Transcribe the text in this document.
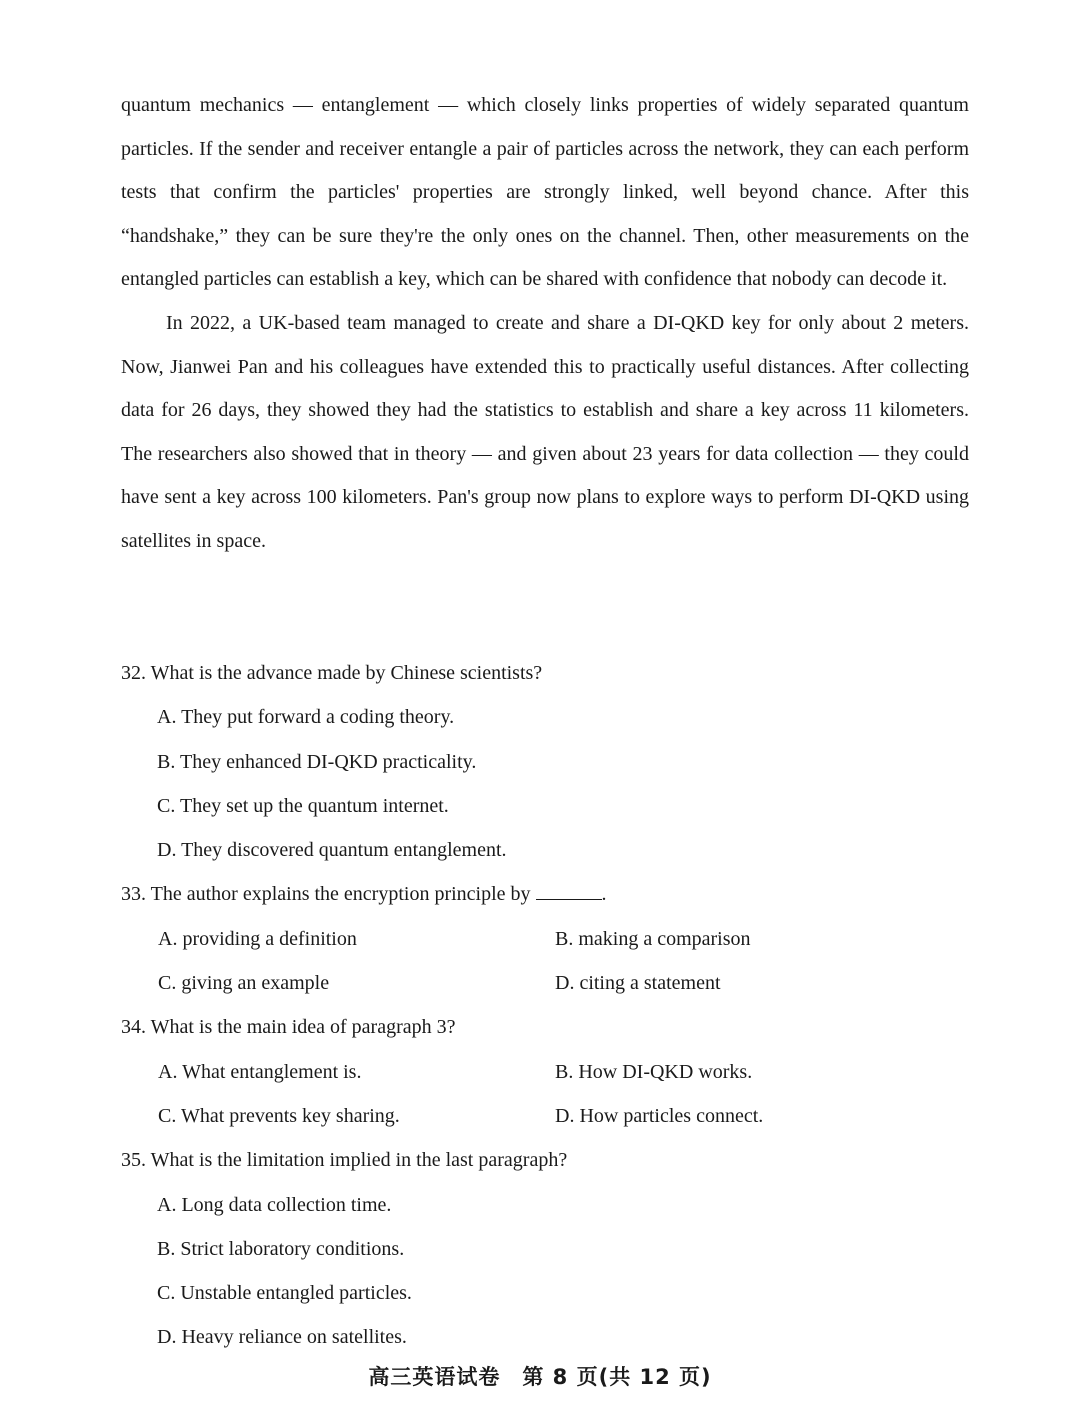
quantum mechanics — entanglement — which closely links properties of widely separated quantum particles. If the sender and receiver entangle a pair of particles across the network, they can each perform tests that confirm the particles' properties are strongly linked, well beyond chance. After this “handshake,” they can be sure they're the only ones on the channel. Then, other measurements on the entangled particles can establish a key, which can be shared with confidence that nobody can decode it.

In 2022, a UK-based team managed to create and share a DI-QKD key for only about 2 meters. Now, Jianwei Pan and his colleagues have extended this to practically useful distances. After collecting data for 26 days, they showed they had the statistics to establish and share a key across 11 kilometers. The researchers also showed that in theory — and given about 23 years for data collection — they could have sent a key across 100 kilometers. Pan's group now plans to explore ways to perform DI-QKD using satellites in space.

32. What is the advance made by Chinese scientists?

A. They put forward a coding theory.

B. They enhanced DI-QKD practicality.

C. They set up the quantum internet.

D. They discovered quantum entanglement.

33. The author explains the encryption principle by	.

A. providing a definition	B. making a comparison
C. giving an example	D. citing a statement

34. What is the main idea of paragraph 3?

A. What entanglement is.	B. How DI-QKD works.
C. What prevents key sharing.	D. How particles connect.

35. What is the limitation implied in the last paragraph?

A. Long data collection time.

B. Strict laboratory conditions.

C. Unstable entangled particles.

D. Heavy reliance on satellites.

高三英语试卷　第 8 页(共 12 页)
